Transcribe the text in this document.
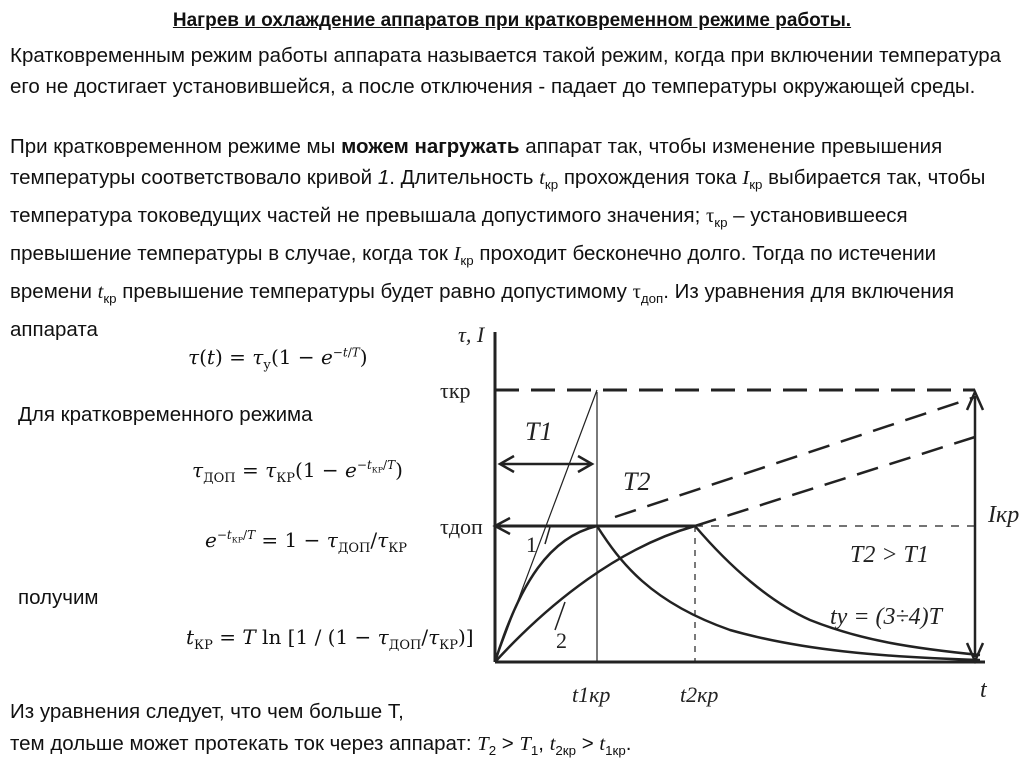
Нагрев и охлаждение аппаратов при кратковременном режиме работы.
Кратковременным режим работы аппарата называется такой режим, когда при включении температура его не достигает установившейся, а после отключения - падает до температуры окружающей среды.
При кратковременном режиме мы можем нагружать аппарат так, чтобы изменение превышения температуры соответствовало кривой 1. Длительность $t_{кр}$ прохождения тока $I_{кр}$ выбирается так, чтобы температура токоведущих частей не превышала допустимого значения; $\tau_{кр}$ – установившееся превышение температуры в случае, когда ток $I_{кр}$ проходит бесконечно долго. Тогда по истечении времени $t_{кр}$ превышение температуры будет равно допустимому $\tau_{доп}$. Из уравнения для включения аппарата
$\tau(t) = \tau_у(1 - e^{-t/T})$
Для кратковременного режима
$\tau_{ДОП} = \tau_{КР}(1 - e^{-t_{КР}/T})$
$e^{-t_{КР}/T} = 1 - \tau_{ДОП}/\tau_{КР}$
получим
$t_{КР} = T$ $\ln [1 / (1 - \tau_{ДОП}/\tau_{КР})]$
τ, I
τкр
τдоп
T1
T2
Iкр
T2 > T1
tу = (3÷4)T
1
2
t1кр	t2кр	t
Из уравнения следует, что чем больше T,
тем дольше может протекать ток через аппарат: $T_2 > T_1$, $t_{2кр} > t_{1кр}$.
